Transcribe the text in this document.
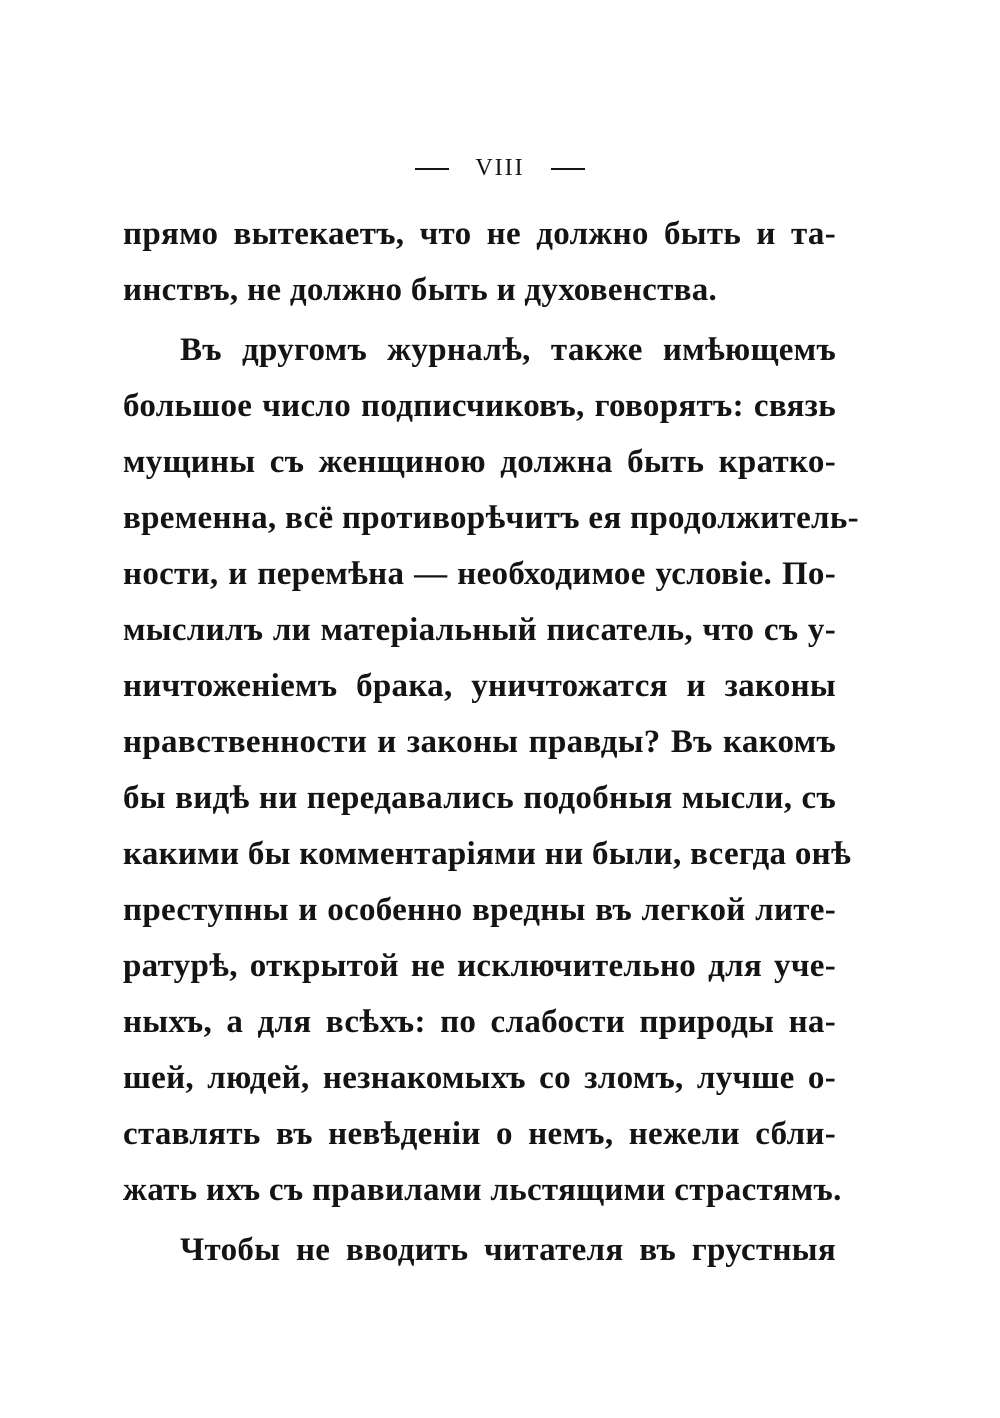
VIII
прямо вытекаетъ, что не должно быть и та-
инствъ, не должно быть и духовенства.
Въ другомъ журналѣ, также имѣющемъ
большое число подписчиковъ, говорятъ: связь
мущины съ женщиною должна быть кратко-
временна, всё противорѣчитъ ея продолжитель-
ности, и перемѣна — необходимое условіе. По-
мыслилъ ли матеріальный писатель, что съ у-
ничтоженіемъ брака, уничтожатся и законы
нравственности и законы правды? Въ какомъ
бы видѣ ни передавались подобныя мысли, съ
какими бы комментаріями ни были, всегда онѣ
преступны и особенно вредны въ легкой лите-
ратурѣ, открытой не исключительно для уче-
ныхъ, а для всѣхъ: по слабости природы на-
шей, людей, незнакомыхъ со зломъ, лучше о-
ставлять въ невѣденіи о немъ, нежели сбли-
жать ихъ съ правилами льстящими страстямъ.
Чтобы не вводить читателя въ грустныя
